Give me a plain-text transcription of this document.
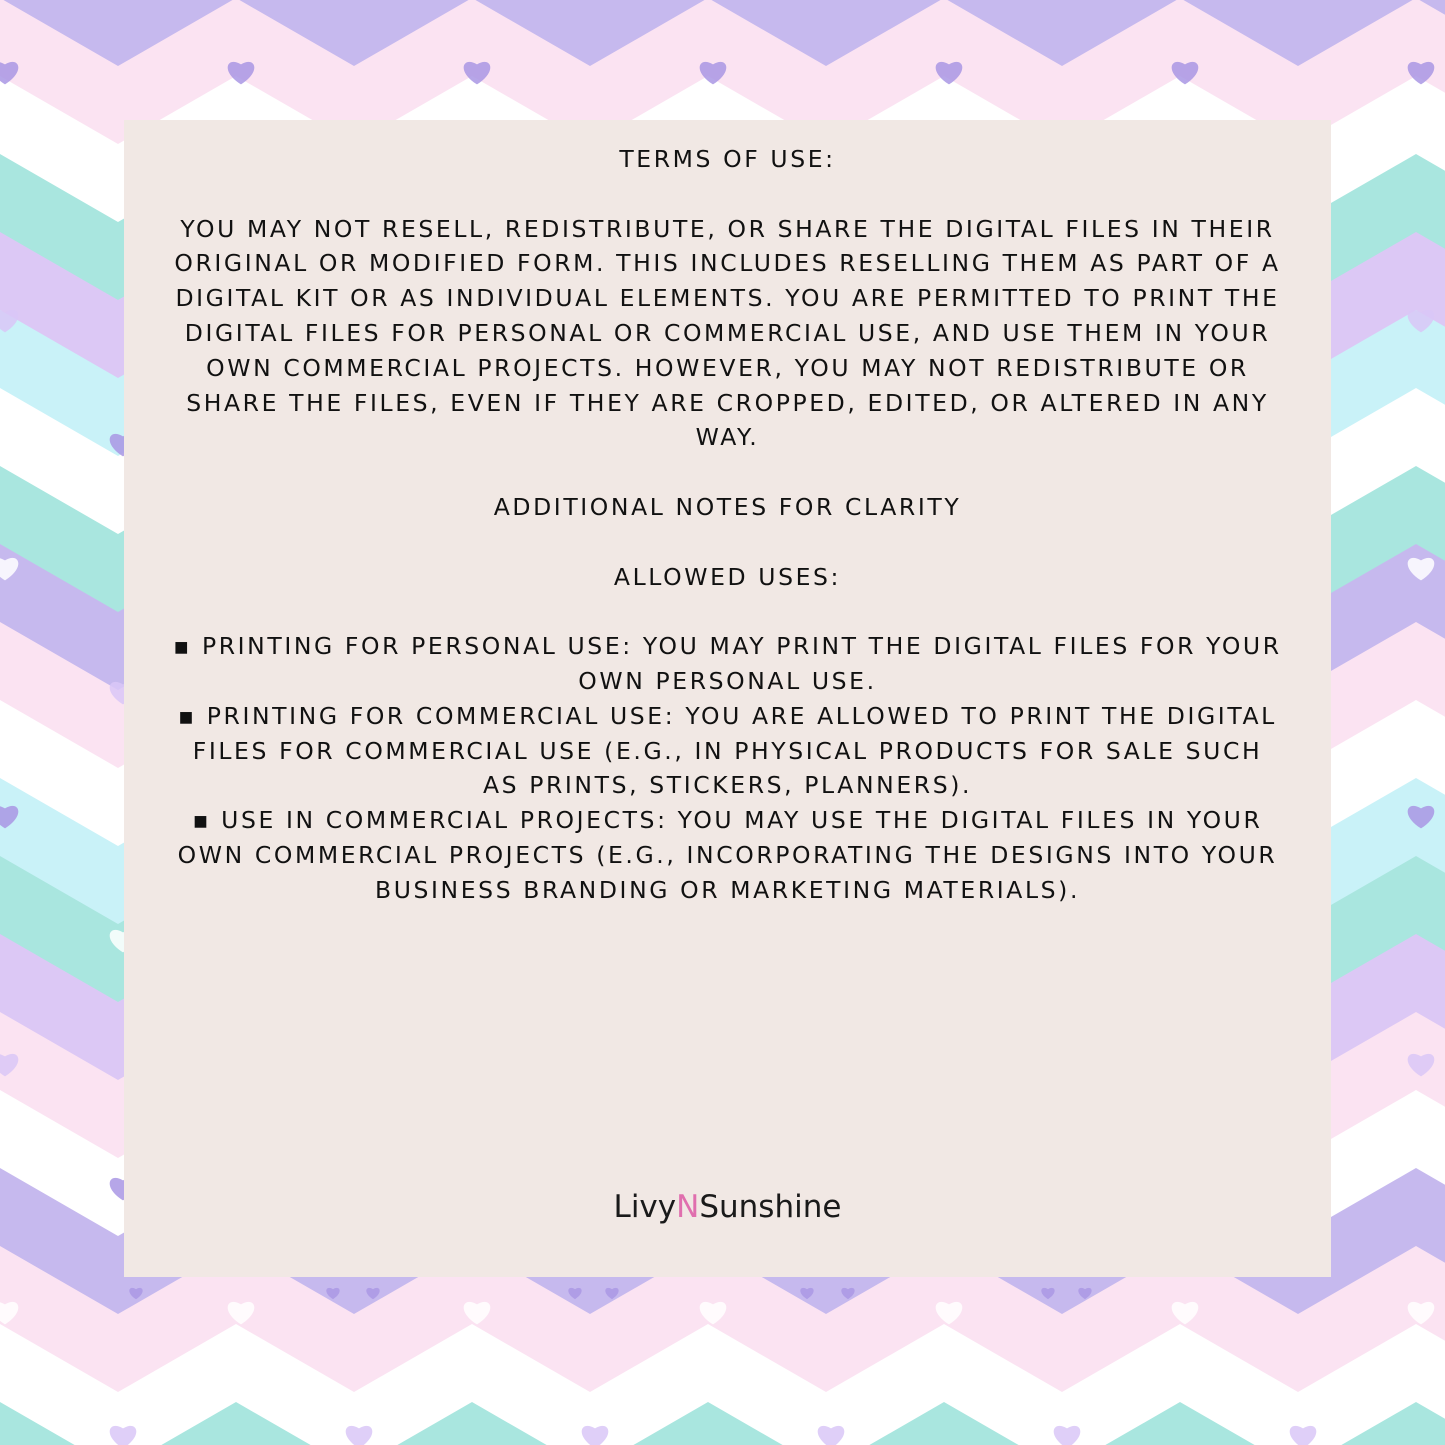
TERMS OF USE:

YOU MAY NOT RESELL, REDISTRIBUTE, OR SHARE THE DIGITAL FILES IN THEIR ORIGINAL OR MODIFIED FORM. THIS INCLUDES RESELLING THEM AS PART OF A DIGITAL KIT OR AS INDIVIDUAL ELEMENTS. YOU ARE PERMITTED TO PRINT THE DIGITAL FILES FOR PERSONAL OR COMMERCIAL USE, AND USE THEM IN YOUR OWN COMMERCIAL PROJECTS. HOWEVER, YOU MAY NOT REDISTRIBUTE OR SHARE THE FILES, EVEN IF THEY ARE CROPPED, EDITED, OR ALTERED IN ANY WAY.

ADDITIONAL NOTES FOR CLARITY

ALLOWED USES:

▪ PRINTING FOR PERSONAL USE: YOU MAY PRINT THE DIGITAL FILES FOR YOUR OWN PERSONAL USE.

▪ PRINTING FOR COMMERCIAL USE: YOU ARE ALLOWED TO PRINT THE DIGITAL FILES FOR COMMERCIAL USE (E.G., IN PHYSICAL PRODUCTS FOR SALE SUCH AS PRINTS, STICKERS, PLANNERS).

▪ USE IN COMMERCIAL PROJECTS: YOU MAY USE THE DIGITAL FILES IN YOUR OWN COMMERCIAL PROJECTS (E.G., INCORPORATING THE DESIGNS INTO YOUR BUSINESS BRANDING OR MARKETING MATERIALS).

LivyNSunshine
